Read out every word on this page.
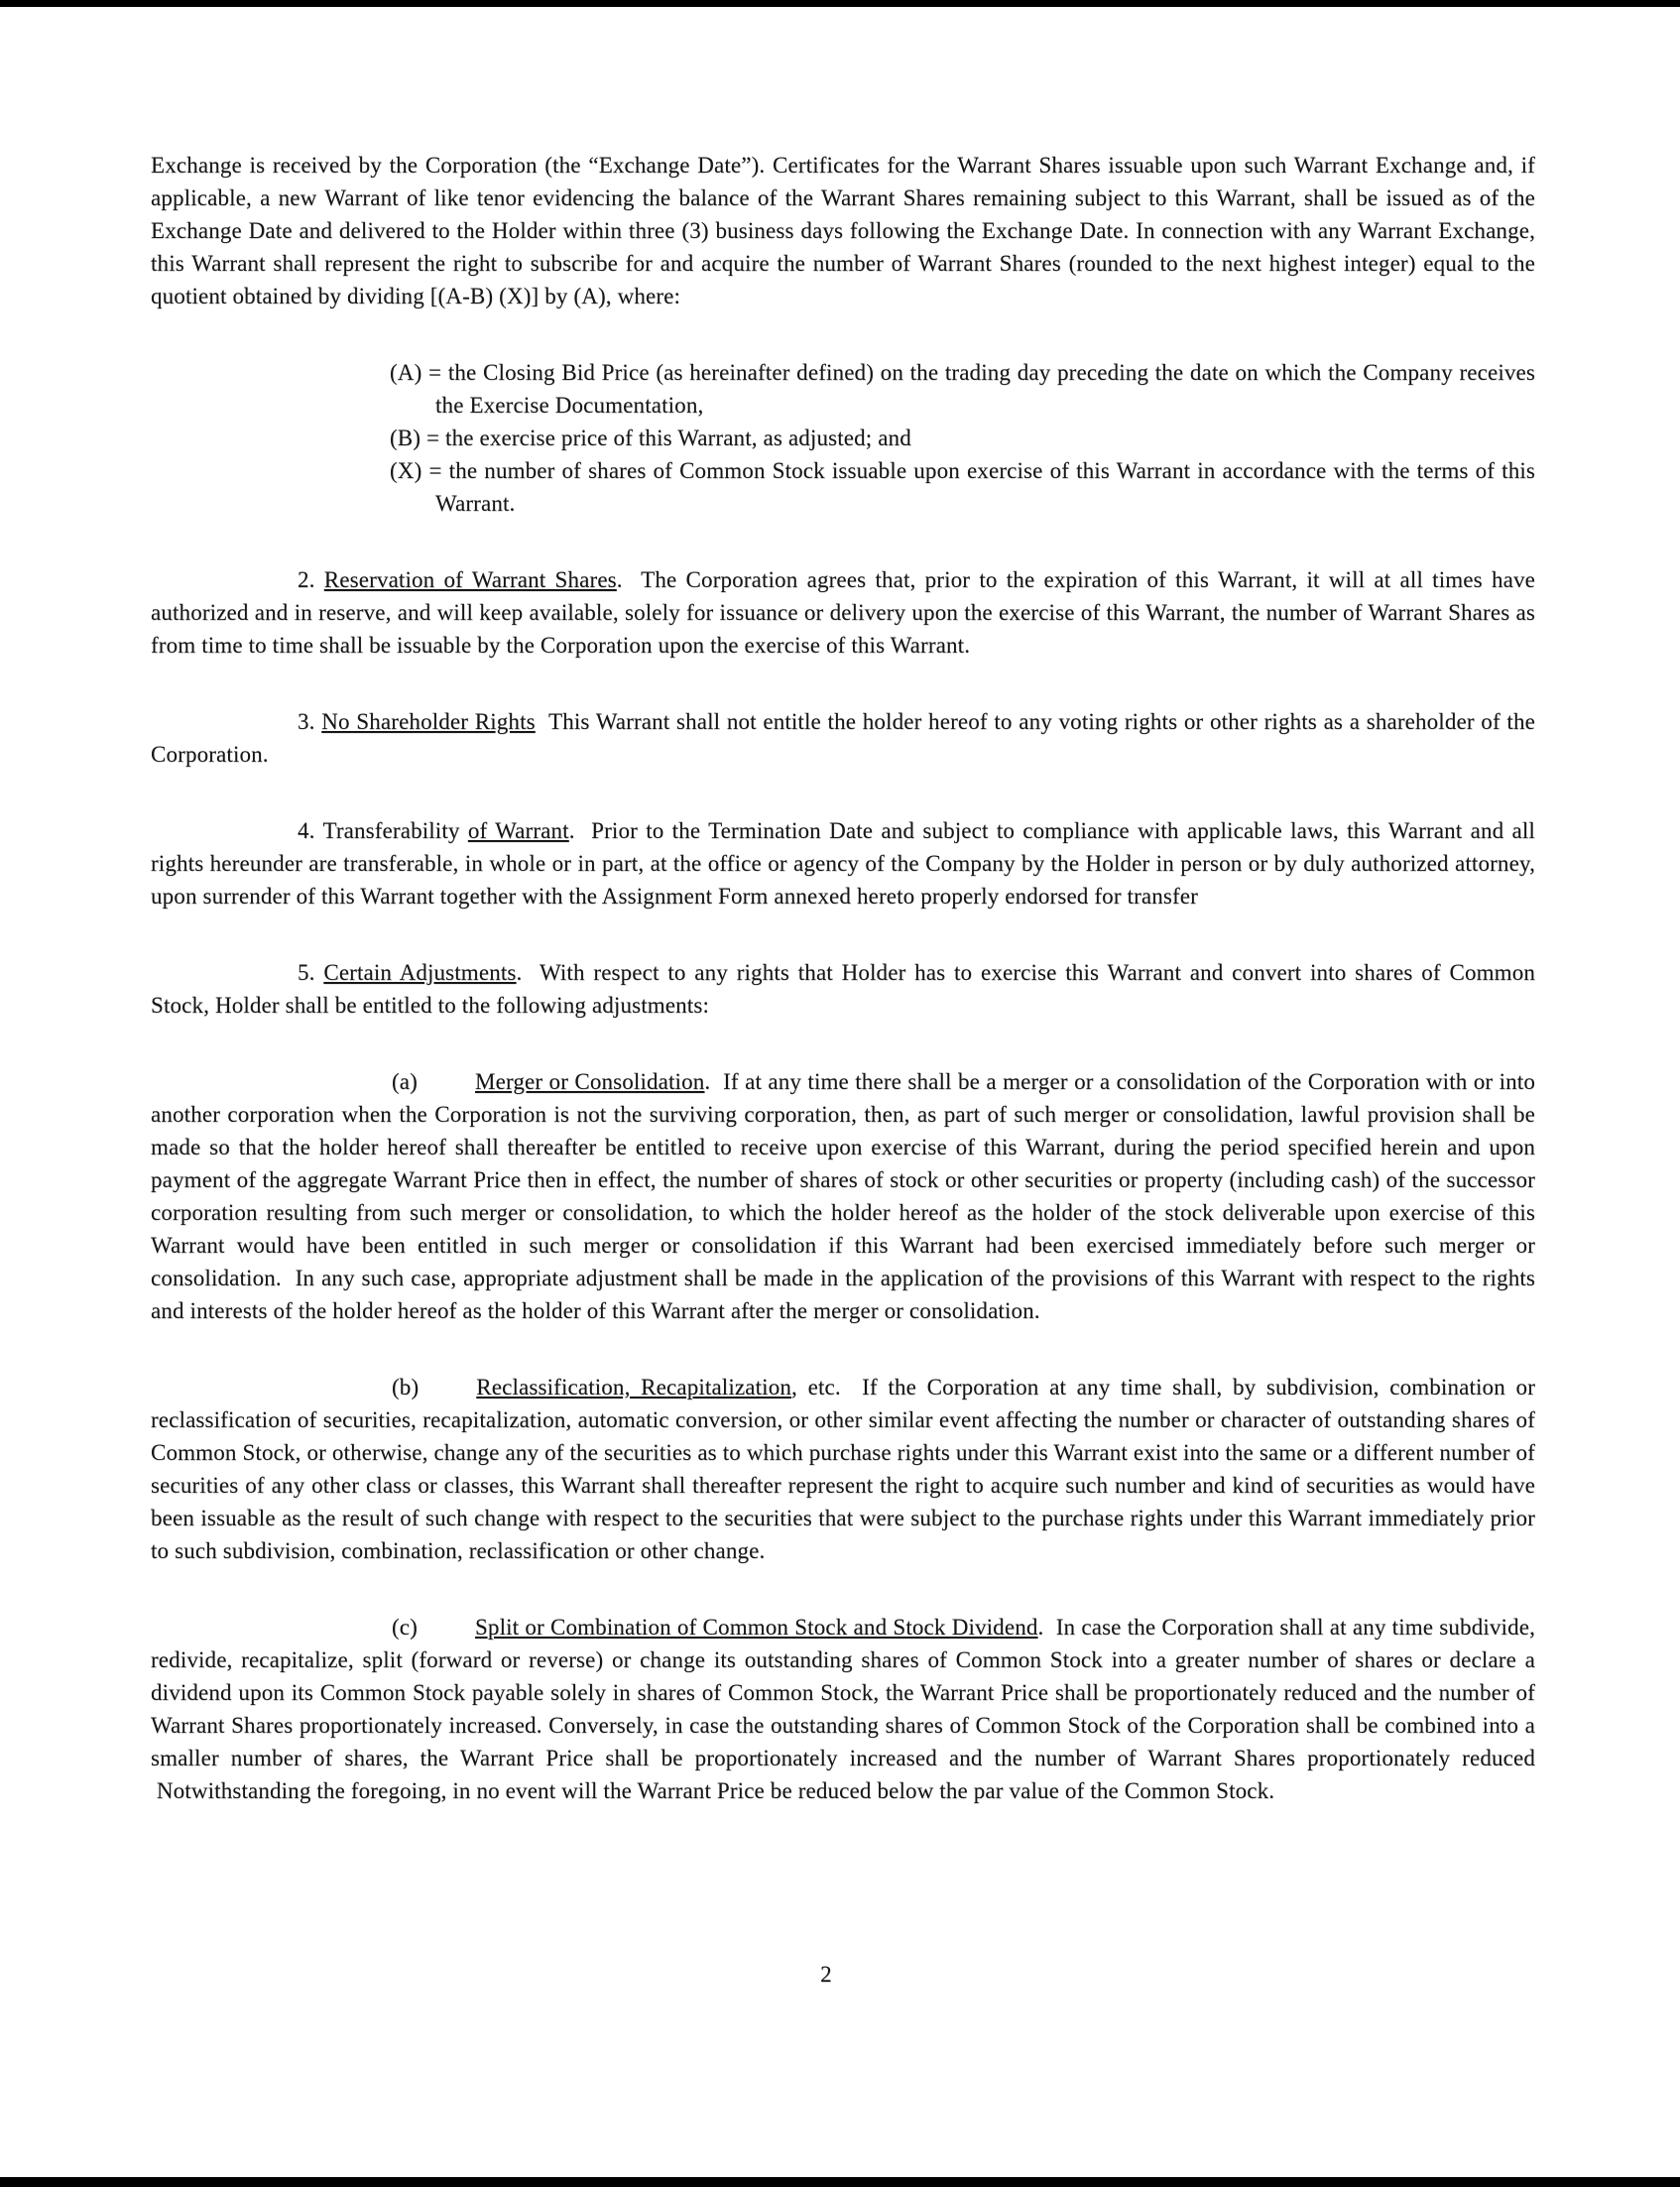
Exchange is received by the Corporation (the “Exchange Date”). Certificates for the Warrant Shares issuable upon such Warrant Exchange and, if applicable, a new Warrant of like tenor evidencing the balance of the Warrant Shares remaining subject to this Warrant, shall be issued as of the Exchange Date and delivered to the Holder within three (3) business days following the Exchange Date. In connection with any Warrant Exchange, this Warrant shall represent the right to subscribe for and acquire the number of Warrant Shares (rounded to the next highest integer) equal to the quotient obtained by dividing [(A-B) (X)] by (A), where:

(A) = the Closing Bid Price (as hereinafter defined) on the trading day preceding the date on which the Company receives the Exercise Documentation,
(B) = the exercise price of this Warrant, as adjusted; and
(X) = the number of shares of Common Stock issuable upon exercise of this Warrant in accordance with the terms of this Warrant.

2. Reservation of Warrant Shares.  The Corporation agrees that, prior to the expiration of this Warrant, it will at all times have authorized and in reserve, and will keep available, solely for issuance or delivery upon the exercise of this Warrant, the number of Warrant Shares as from time to time shall be issuable by the Corporation upon the exercise of this Warrant.

3. No Shareholder Rights  This Warrant shall not entitle the holder hereof to any voting rights or other rights as a shareholder of the Corporation.

4. Transferability of Warrant.  Prior to the Termination Date and subject to compliance with applicable laws, this Warrant and all rights hereunder are transferable, in whole or in part, at the office or agency of the Company by the Holder in person or by duly authorized attorney, upon surrender of this Warrant together with the Assignment Form annexed hereto properly endorsed for transfer

5. Certain Adjustments.  With respect to any rights that Holder has to exercise this Warrant and convert into shares of Common Stock, Holder shall be entitled to the following adjustments:

(a)	Merger or Consolidation.  If at any time there shall be a merger or a consolidation of the Corporation with or into another corporation when the Corporation is not the surviving corporation, then, as part of such merger or consolidation, lawful provision shall be made so that the holder hereof shall thereafter be entitled to receive upon exercise of this Warrant, during the period specified herein and upon payment of the aggregate Warrant Price then in effect, the number of shares of stock or other securities or property (including cash) of the successor corporation resulting from such merger or consolidation, to which the holder hereof as the holder of the stock deliverable upon exercise of this Warrant would have been entitled in such merger or consolidation if this Warrant had been exercised immediately before such merger or consolidation.  In any such case, appropriate adjustment shall be made in the application of the provisions of this Warrant with respect to the rights and interests of the holder hereof as the holder of this Warrant after the merger or consolidation.

(b)	Reclassification, Recapitalization, etc.  If the Corporation at any time shall, by subdivision, combination or reclassification of securities, recapitalization, automatic conversion, or other similar event affecting the number or character of outstanding shares of Common Stock, or otherwise, change any of the securities as to which purchase rights under this Warrant exist into the same or a different number of securities of any other class or classes, this Warrant shall thereafter represent the right to acquire such number and kind of securities as would have been issuable as the result of such change with respect to the securities that were subject to the purchase rights under this Warrant immediately prior to such subdivision, combination, reclassification or other change.

(c)	Split or Combination of Common Stock and Stock Dividend.  In case the Corporation shall at any time subdivide, redivide, recapitalize, split (forward or reverse) or change its outstanding shares of Common Stock into a greater number of shares or declare a dividend upon its Common Stock payable solely in shares of Common Stock, the Warrant Price shall be proportionately reduced and the number of Warrant Shares proportionately increased. Conversely, in case the outstanding shares of Common Stock of the Corporation shall be combined into a smaller number of shares, the Warrant Price shall be proportionately increased and the number of Warrant Shares proportionately reduced  Notwithstanding the foregoing, in no event will the Warrant Price be reduced below the par value of the Common Stock.

2
